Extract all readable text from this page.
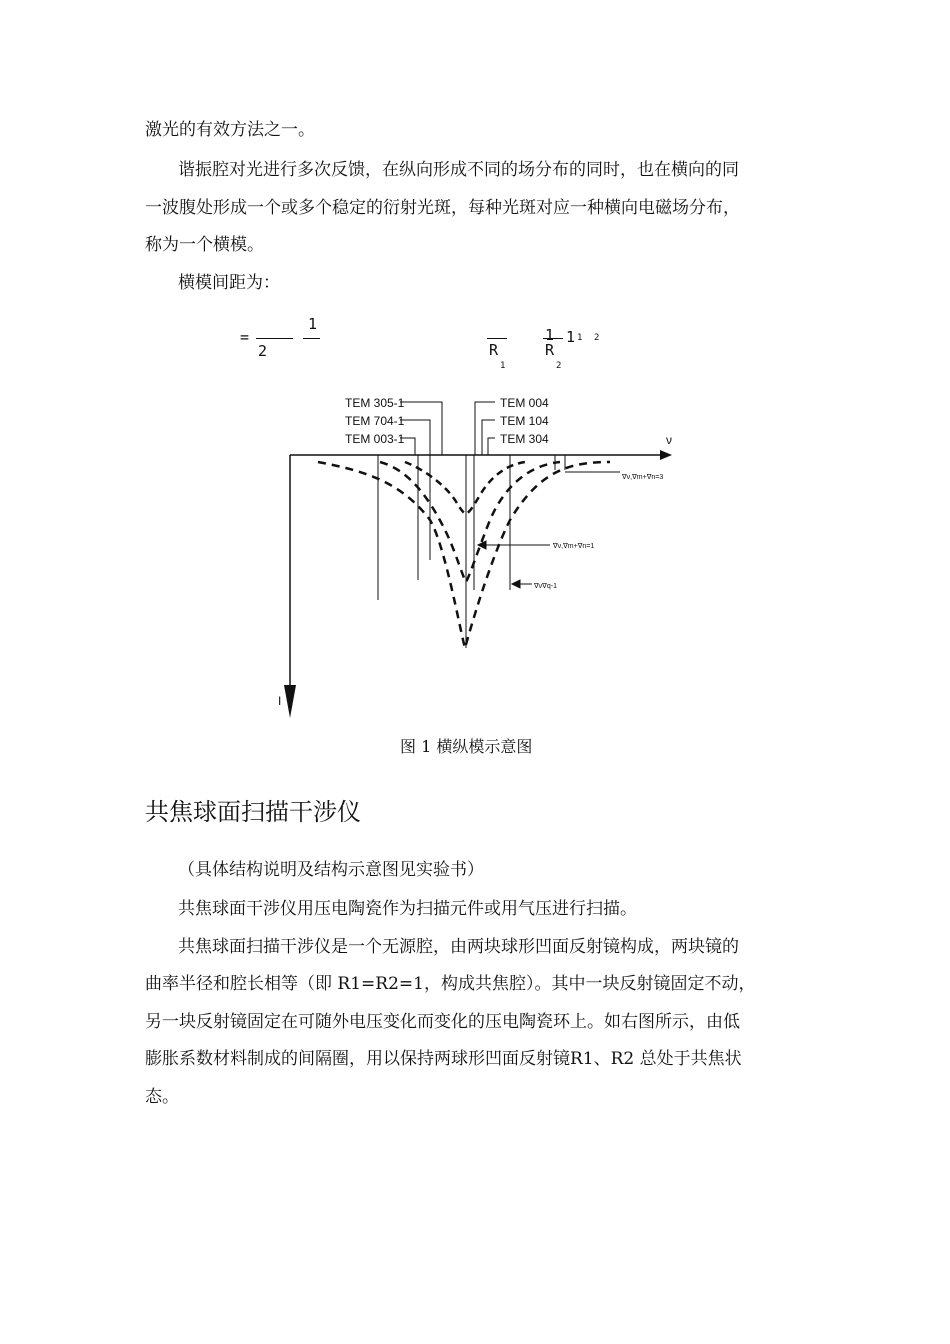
激光的有效方法之一。
谐振腔对光进行多次反馈，在纵向形成不同的场分布的同时，也在横向的同
一波腹处形成一个或多个稳定的衍射光斑，每种光斑对应一种横向电磁场分布，
称为一个横模。
横模间距为：
=
2
1
R
1
1
R
2
1 1 2
ν
I
TEM 305-1
TEM 704-1
TEM 003-1
TEM 004
TEM 104
TEM 304
∇ν,∇m+∇n=3
∇ν,∇m+∇n=1
∇ν∇q-1
图 1 横纵模示意图
共焦球面扫描干涉仪
（具体结构说明及结构示意图见实验书）
共焦球面干涉仪用压电陶瓷作为扫描元件或用气压进行扫描。
共焦球面扫描干涉仪是一个无源腔，由两块球形凹面反射镜构成，两块镜的
曲率半径和腔长相等（即 R1=R2=1，构成共焦腔）。其中一块反射镜固定不动，
另一块反射镜固定在可随外电压变化而变化的压电陶瓷环上。如右图所示，由低
膨胀系数材料制成的间隔圈，用以保持两球形凹面反射镜R1、R2 总处于共焦状
态。
